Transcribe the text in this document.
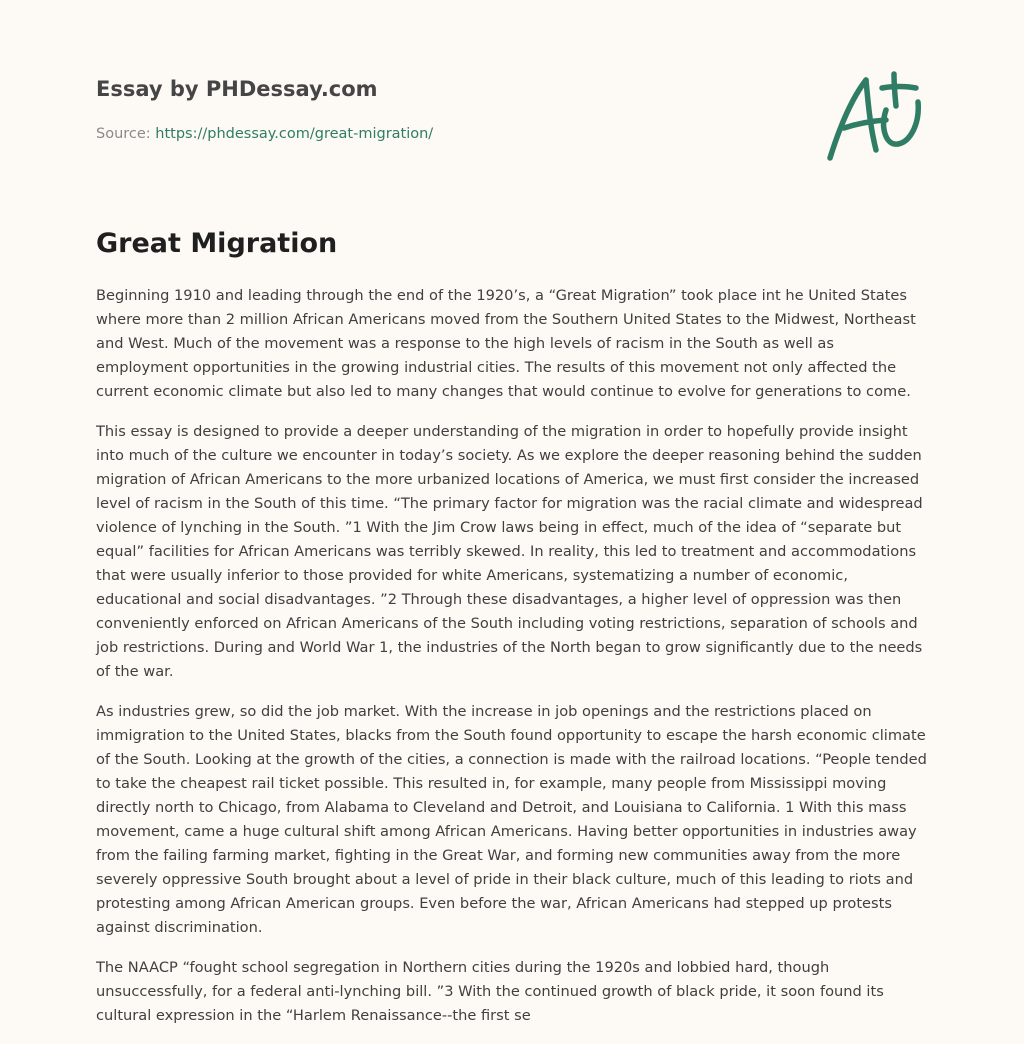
Essay by PHDessay.com
Source: https://phdessay.com/great-migration/
Great Migration

Beginning 1910 and leading through the end of the 1920’s, a “Great Migration” took place int he United States where more than 2 million African Americans moved from the Southern United States to the Midwest, Northeast and West. Much of the movement was a response to the high levels of racism in the South as well as employment opportunities in the growing industrial cities. The results of this movement not only affected the current economic climate but also led to many changes that would continue to evolve for generations to come.

This essay is designed to provide a deeper understanding of the migration in order to hopefully provide insight into much of the culture we encounter in today’s society. As we explore the deeper reasoning behind the sudden migration of African Americans to the more urbanized locations of America, we must first consider the increased level of racism in the South of this time. “The primary factor for migration was the racial climate and widespread violence of lynching in the South. ”1 With the Jim Crow laws being in effect, much of the idea of “separate but equal” facilities for African Americans was terribly skewed. In reality, this led to treatment and accommodations that were usually inferior to those provided for white Americans, systematizing a number of economic, educational and social disadvantages. ”2 Through these disadvantages, a higher level of oppression was then conveniently enforced on African Americans of the South including voting restrictions, separation of schools and job restrictions. During and World War 1, the industries of the North began to grow significantly due to the needs of the war.

As industries grew, so did the job market. With the increase in job openings and the restrictions placed on immigration to the United States, blacks from the South found opportunity to escape the harsh economic climate of the South. Looking at the growth of the cities, a connection is made with the railroad locations. “People tended to take the cheapest rail ticket possible. This resulted in, for example, many people from Mississippi moving directly north to Chicago, from Alabama to Cleveland and Detroit, and Louisiana to California. 1 With this mass movement, came a huge cultural shift among African Americans. Having better opportunities in industries away from the failing farming market, fighting in the Great War, and forming new communities away from the more severely oppressive South brought about a level of pride in their black culture, much of this leading to riots and protesting among African American groups. Even before the war, African Americans had stepped up protests against discrimination.

The NAACP “fought school segregation in Northern cities during the 1920s and lobbied hard, though unsuccessfully, for a federal anti-lynching bill. ”3 With the continued growth of black pride, it soon found its cultural expression in the “Harlem Renaissance--the first se
